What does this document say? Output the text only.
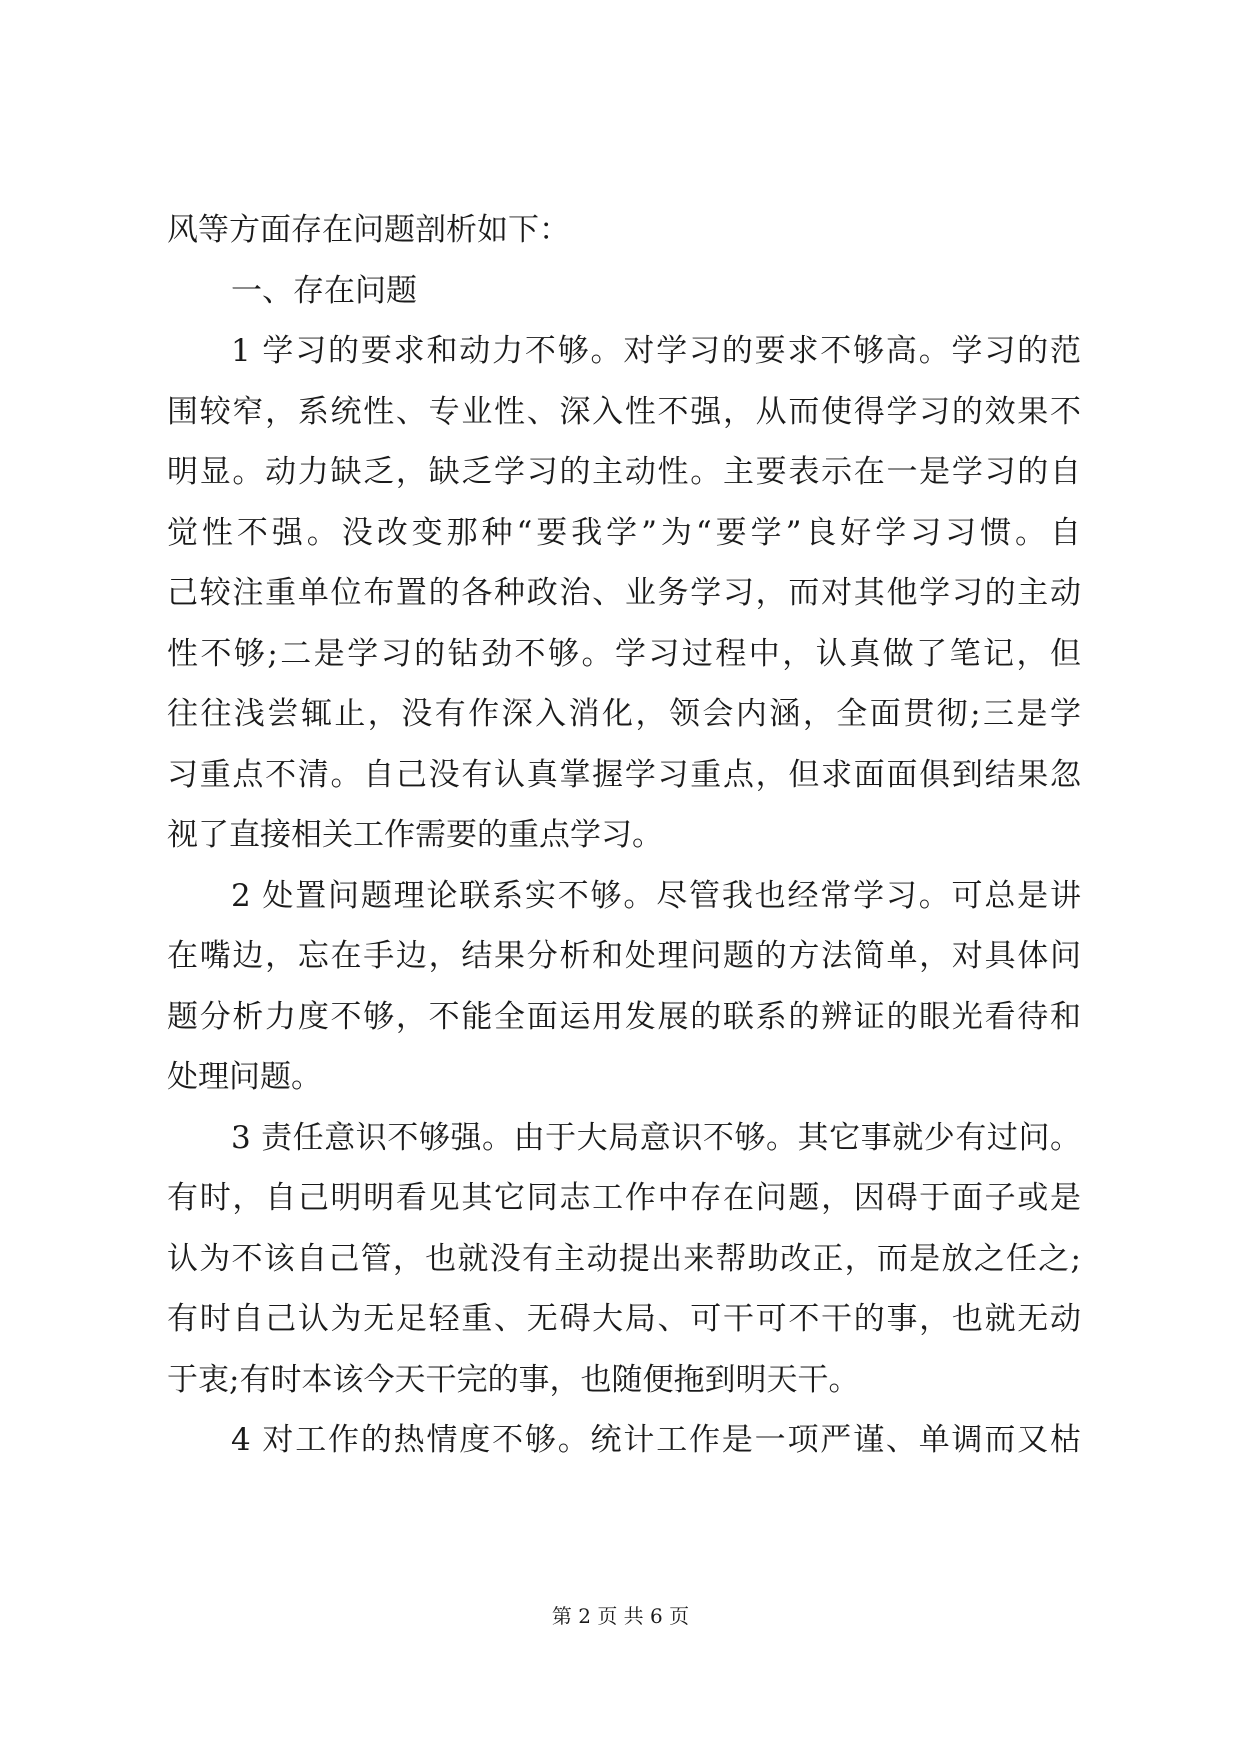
风等方面存在问题剖析如下：
一、存在问题
1 学习的要求和动力不够。对学习的要求不够高。学习的范
围较窄，系统性、专业性、深入性不强，从而使得学习的效果不
明显。动力缺乏，缺乏学习的主动性。主要表示在一是学习的自
觉性不强。没改变那种“要我学”为“要学”良好学习习惯。自
己较注重单位布置的各种政治、业务学习，而对其他学习的主动
性不够;二是学习的钻劲不够。学习过程中，认真做了笔记，但
往往浅尝辄止，没有作深入消化，领会内涵，全面贯彻;三是学
习重点不清。自己没有认真掌握学习重点，但求面面俱到结果忽
视了直接相关工作需要的重点学习。
2 处置问题理论联系实不够。尽管我也经常学习。可总是讲
在嘴边，忘在手边，结果分析和处理问题的方法简单，对具体问
题分析力度不够，不能全面运用发展的联系的辨证的眼光看待和
处理问题。
3 责任意识不够强。由于大局意识不够。其它事就少有过问。
有时，自己明明看见其它同志工作中存在问题，因碍于面子或是
认为不该自己管，也就没有主动提出来帮助改正，而是放之任之;
有时自己认为无足轻重、无碍大局、可干可不干的事，也就无动
于衷;有时本该今天干完的事，也随便拖到明天干。
4 对工作的热情度不够。统计工作是一项严谨、单调而又枯
第 2 页 共 6 页
